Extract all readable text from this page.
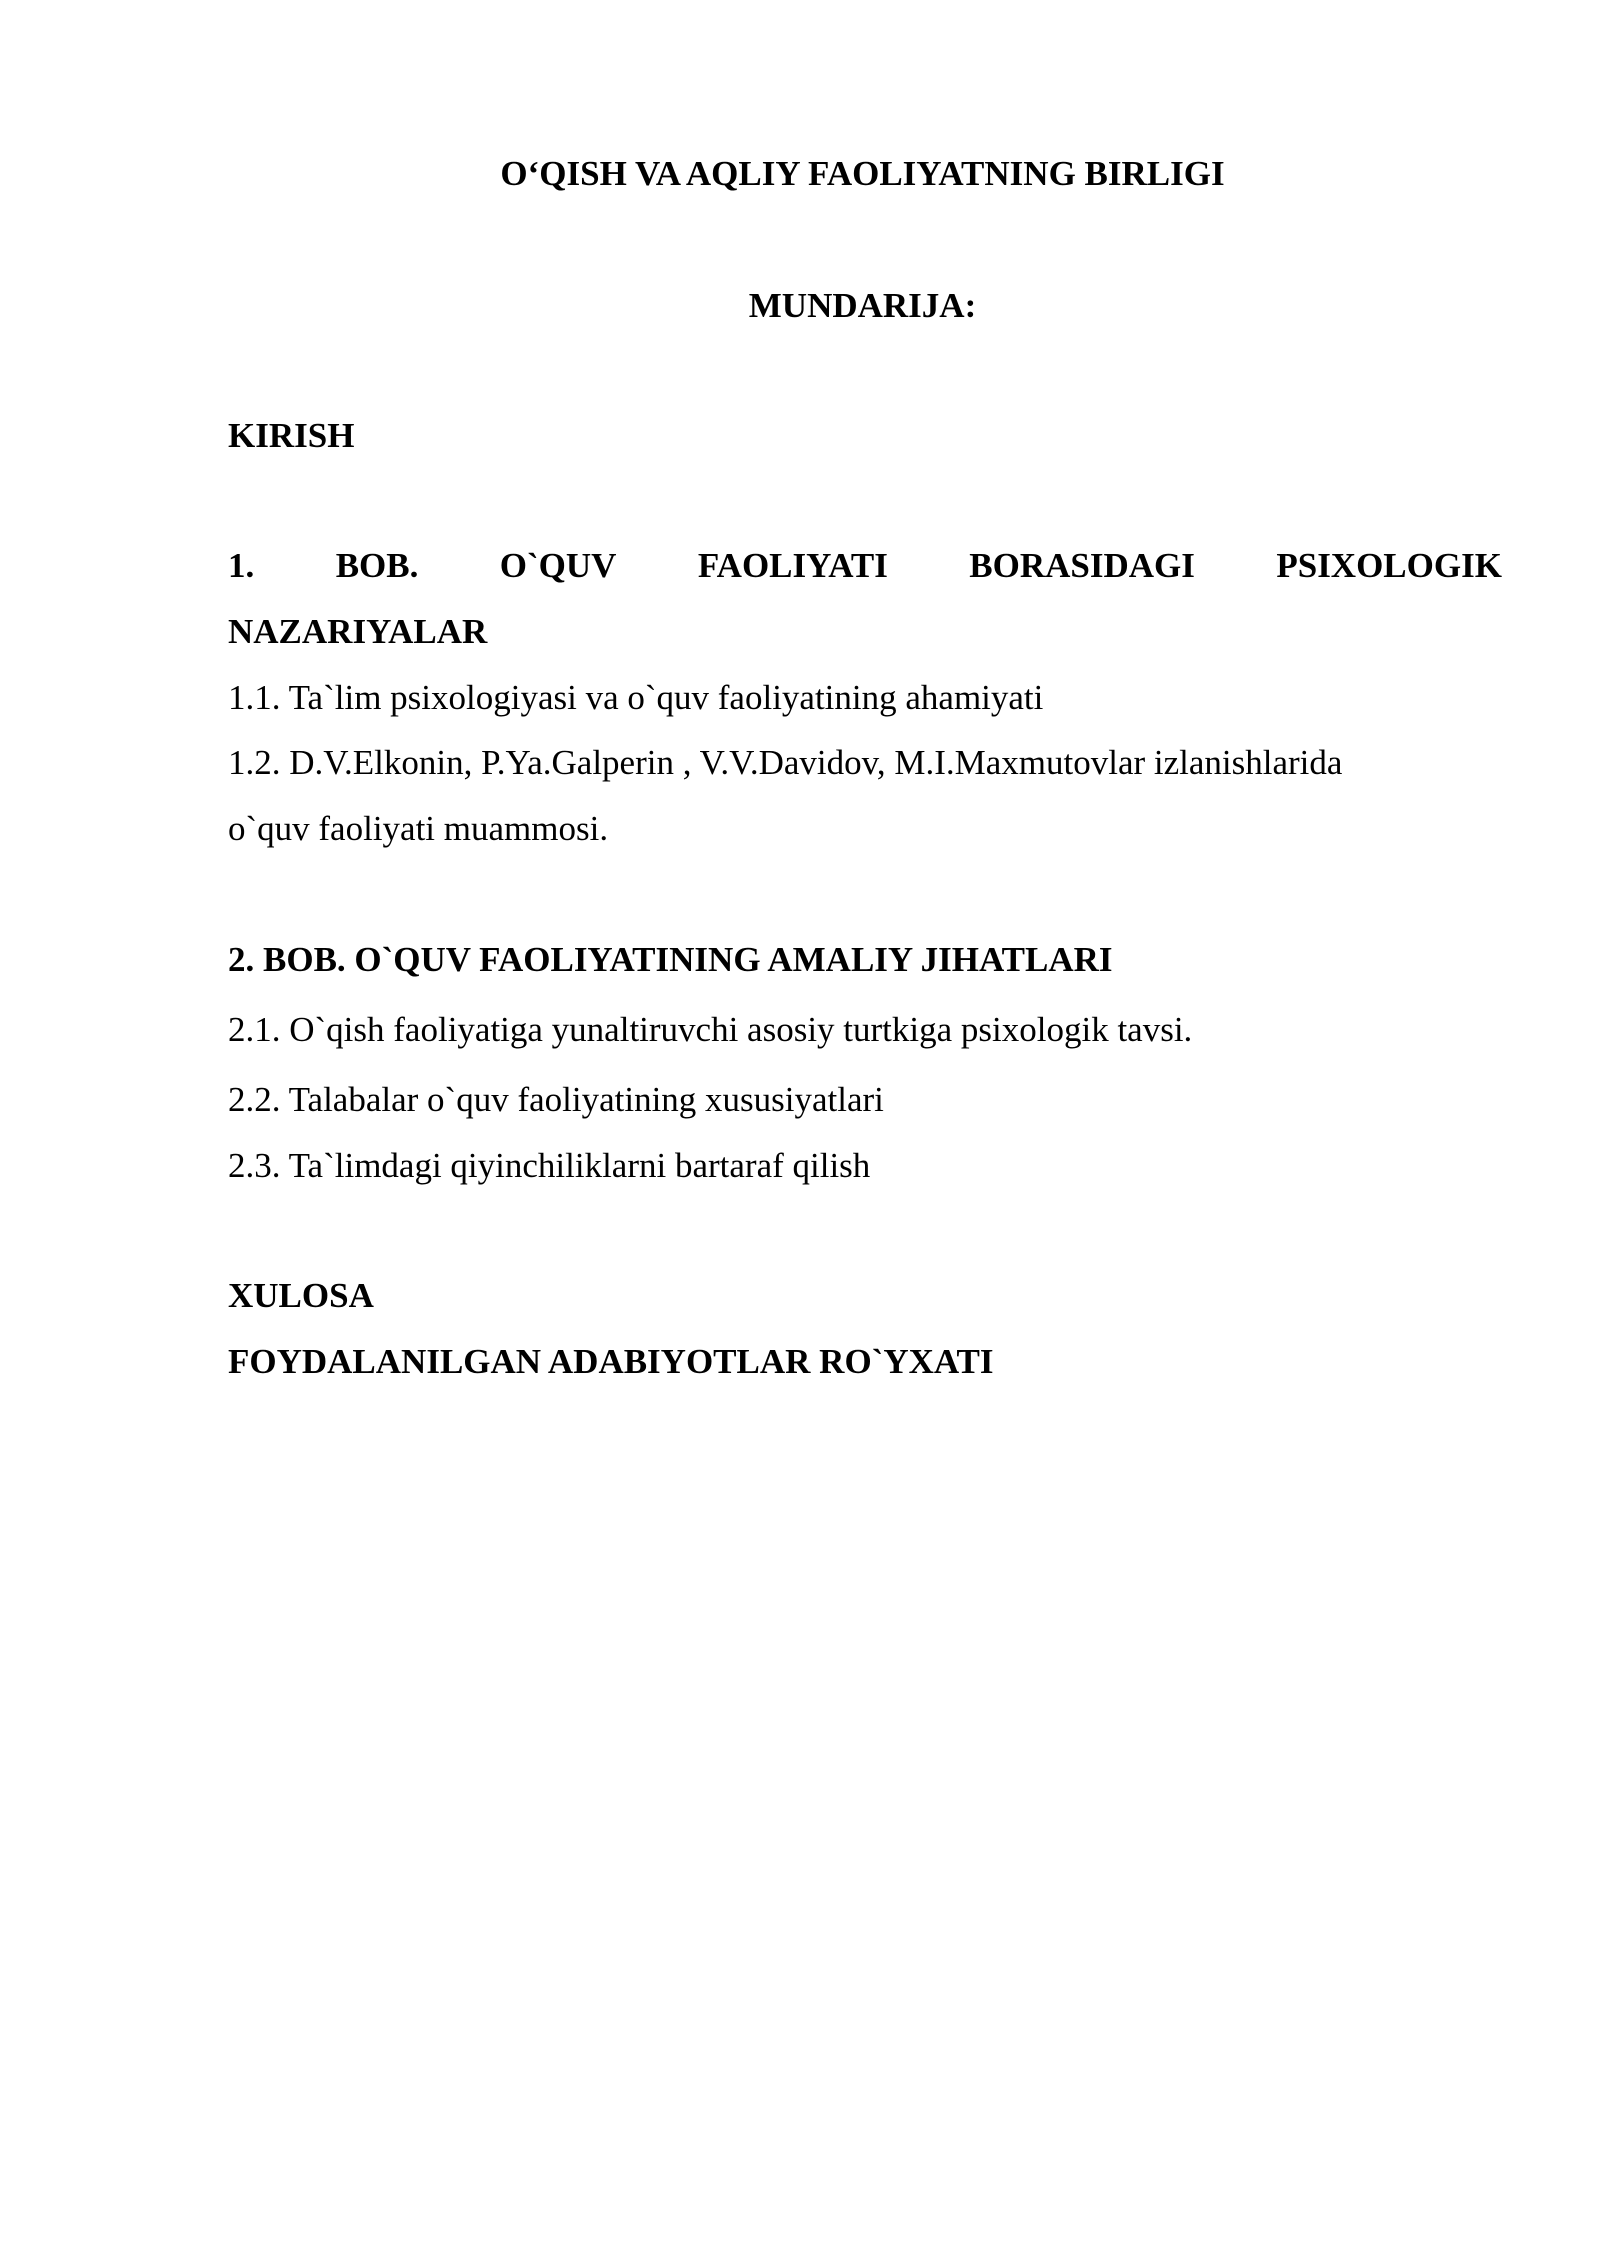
O‘QISH VA AQLIY FAOLIYATNING BIRLIGI
MUNDARIJA:
KIRISH
1. BOB. O`QUV FAOLIYATI BORASIDAGI PSIXOLOGIK
NAZARIYALAR
1.1. Ta`lim psixologiyasi va o`quv faoliyatining ahamiyati
1.2. D.V.Elkonin, P.Ya.Galperin , V.V.Davidov, M.I.Maxmutovlar izlanishlarida
o`quv faoliyati muammosi.
2. BOB. O`QUV FAOLIYATINING AMALIY JIHATLARI
2.1. O`qish faoliyatiga yunaltiruvchi asosiy turtkiga psixologik tavsi.
2.2. Talabalar o`quv faoliyatining xususiyatlari
2.3. Ta`limdagi qiyinchiliklarni bartaraf qilish
XULOSA
FOYDALANILGAN ADABIYOTLAR RO`YXATI
